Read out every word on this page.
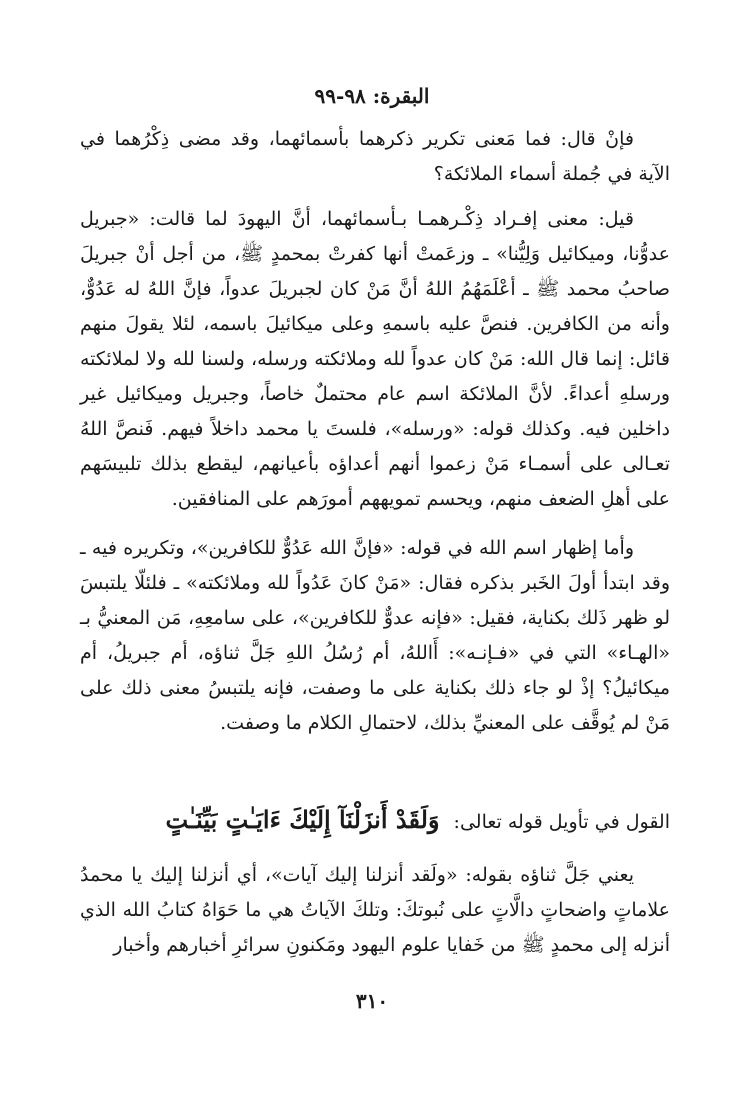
البقرة: ٩٨-٩٩

فإنْ قال: فما مَعنى تكرير ذكرهما بأسمائهما، وقد مضى ذِكْرُهما في الآية في جُملة أسماء الملائكة؟

قيل: معنى إفـراد ذِكْـرهمـا بـأسمائهما، أنَّ اليهودَ لما قالت: «جبريل عدوُّنا، وميكائيل وَلِيُّنا» ـ وزعَمتْ أنها كفرتْ بمحمدٍ ﷺ، من أجل أنْ جبريلَ صاحبُ محمد ﷺ ـ أعْلَمَهُمُ اللهُ أنَّ مَنْ كان لجبريلَ عدواً، فإنَّ اللهُ له عَدُوٌّ، وأنه من الكافرين. فنصَّ عليه باسمهِ وعلى ميكائيلَ باسمه، لئلا يقولَ منهم قائل: إنما قال الله: مَنْ كان عدواً لله وملائكته ورسله، ولسنا لله ولا لملائكته ورسلهِ أعداءً. لأنَّ الملائكة اسم عام محتملٌ خاصاً، وجبريل وميكائيل غير داخلين فيه. وكذلك قوله: «ورسله»، فلستَ يا محمد داخلاً فيهم. فَنصَّ اللهُ تعـالى على أسمـاء مَنْ زعموا أنهم أعداؤه بأعيانهم، ليقطع بذلك تلبيسَهم على أهلِ الضعف منهم، ويحسم تمويههم أمورَهم على المنافقين.

وأما إظهار اسم الله في قوله: «فإنَّ الله عَدُوٌّ للكافرين»، وتكريره فيه ـ وقد ابتدأ أولَ الخَبر بذكره فقال: «مَنْ كانَ عَدُواً لله وملائكته» ـ فلئلّا يلتبسَ لو ظهر ذَلك بكناية، فقيل: «فإنه عدوٌّ للكافرين»، على سامعِهِ، مَن المعنيُّ بـ «الهـاء» التي في «فـإنـه»: أَاللهُ، أم رُسُلُ اللهِ جَلَّ ثناؤه، أم جبريلُ، أم ميكائيلُ؟ إذْ لو جاء ذلك بكناية على ما وصفت، فإنه يلتبسُ معنى ذلك على مَنْ لم يُوقَّف على المعنيِّ بذلك، لاحتمالِ الكلام ما وصفت.

القول في تأويل قوله تعالى: وَلَقَدْ أَنزَلْنَآ إِلَيْكَ ءَايَـٰتٍ بَيِّنَـٰتٍ

يعني جَلَّ ثناؤه بقوله: «ولَقد أنزلنا إليك آيات»، أي أنزلنا إليك يا محمدُ علاماتٍ واضحاتٍ دالَّاتٍ على نُبوتكَ: وتلكَ الآياتُ هي ما حَوَاهُ كتابُ الله الذي أنزله إلى محمدٍ ﷺ من خَفايا علوم اليهود ومَكنونِ سرائرِ أخبارهم وأخبار

٣١٠
